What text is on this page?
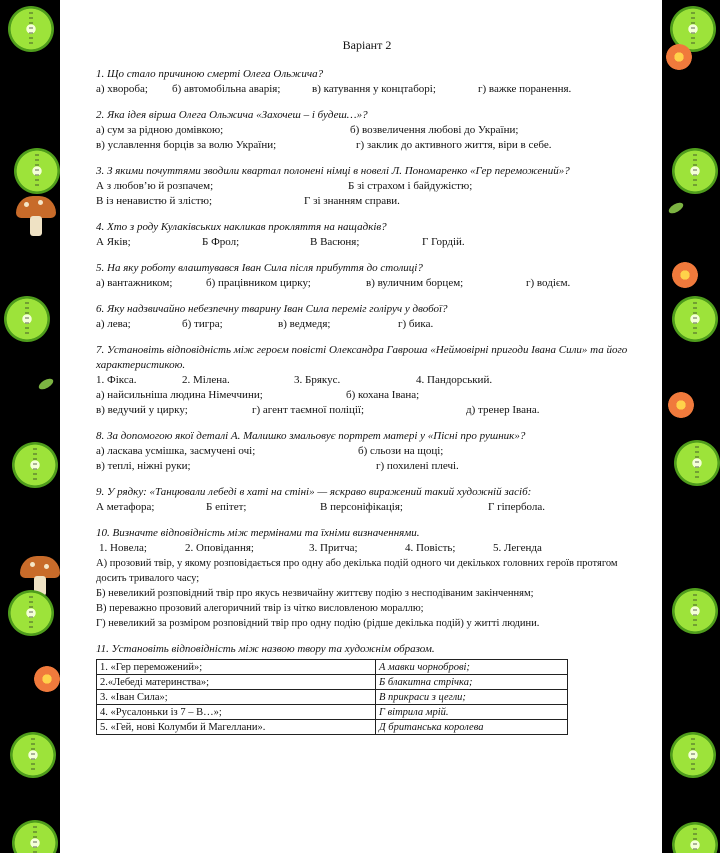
Варіант 2
1. Що стало причиною смерті Олега Ольжича?
а) хвороба;	б) автомобільна аварія;	в) катування у концтаборі;	г) важке поранення.
2. Яка ідея вірша Олега Ольжича «Захочеш – і будеш…»?
а) сум за рідною домівкою;	б) возвеличення любові до України;
в) уславлення борців за волю України;	г) заклик до активного життя, віри в себе.
3. З якими почуттями зводили квартал полонені німці в новелі Л. Пономаренко «Гер переможений»?
А з любов’ю й розпачем;	Б зі страхом і байдужістю;
В із ненавистю й злістю;	Г зі знанням справи.
4. Хто з роду Кулаківських накликав прокляття на нащадків?
А Яків;	Б Фрол;	В Васюня;	Г Гордій.
5. На яку роботу влаштувався Іван Сила після прибуття до столиці?
а) вантажником;	б) працівником цирку;	в) вуличним борцем;	г) водієм.
6. Яку надзвичайно небезпечну тварину Іван Сила переміг голіруч у двобої?
а) лева;	б) тигра;	в) ведмедя;	г) бика.
7. Установіть відповідність між героєм повісті Олександра Гавроша «Неймовірні пригоди Івана Сили» та його характеристикою.
1. Фікса.	2. Мілена.	3. Брякус.	4. Пандорський.
а) найсильніша людина Німеччини;	б) кохана Івана;
в) ведучий у цирку;	г) агент таємної поліції;	д) тренер Івана.
8. За допомогою якої деталі А. Малишко змальовує портрет матері у «Пісні про рушник»?
а) ласкава усмішка, засмучені очі;	б) сльози на щоці;
в) теплі, ніжні руки;	г) похилені плечі.
9. У рядку: «Танцювали лебеді в хаті на стіні» — яскраво виражений такий художній засіб:
А метафора;	Б епітет;	В персоніфікація;	Г гіпербола.
10. Визначте відповідність між термінами та їхніми визначеннями.
1. Новела;	2. Оповідання;	3. Притча;	4. Повість;	5. Легенда
А) прозовий твір, у якому розповідається про одну або декілька подій одного чи декількох головних героїв протягом досить тривалого часу;
Б) невеликий розповідний твір про якусь незвичайну життєву подію з несподіваним закінченням;
В) переважно прозовий алегоричний твір із чітко висловленою мораллю;
Г) невеликий за розміром розповідний твір про одну подію (рідше декілька подій) у житті людини.
11. Установіть відповідність між назвою твору та художнім образом.
1. «Гер переможений»;	А мавки чорноброві;
2.«Лебеді материнства»;	Б блакитна стрічка;
3. «Іван Сила»;	В прикраси з цегли;
4. «Русалоньки із 7 – В…»;	Г вітрила мрій.
5. «Гей, нові Колумби й Магеллани».	Д британська королева
